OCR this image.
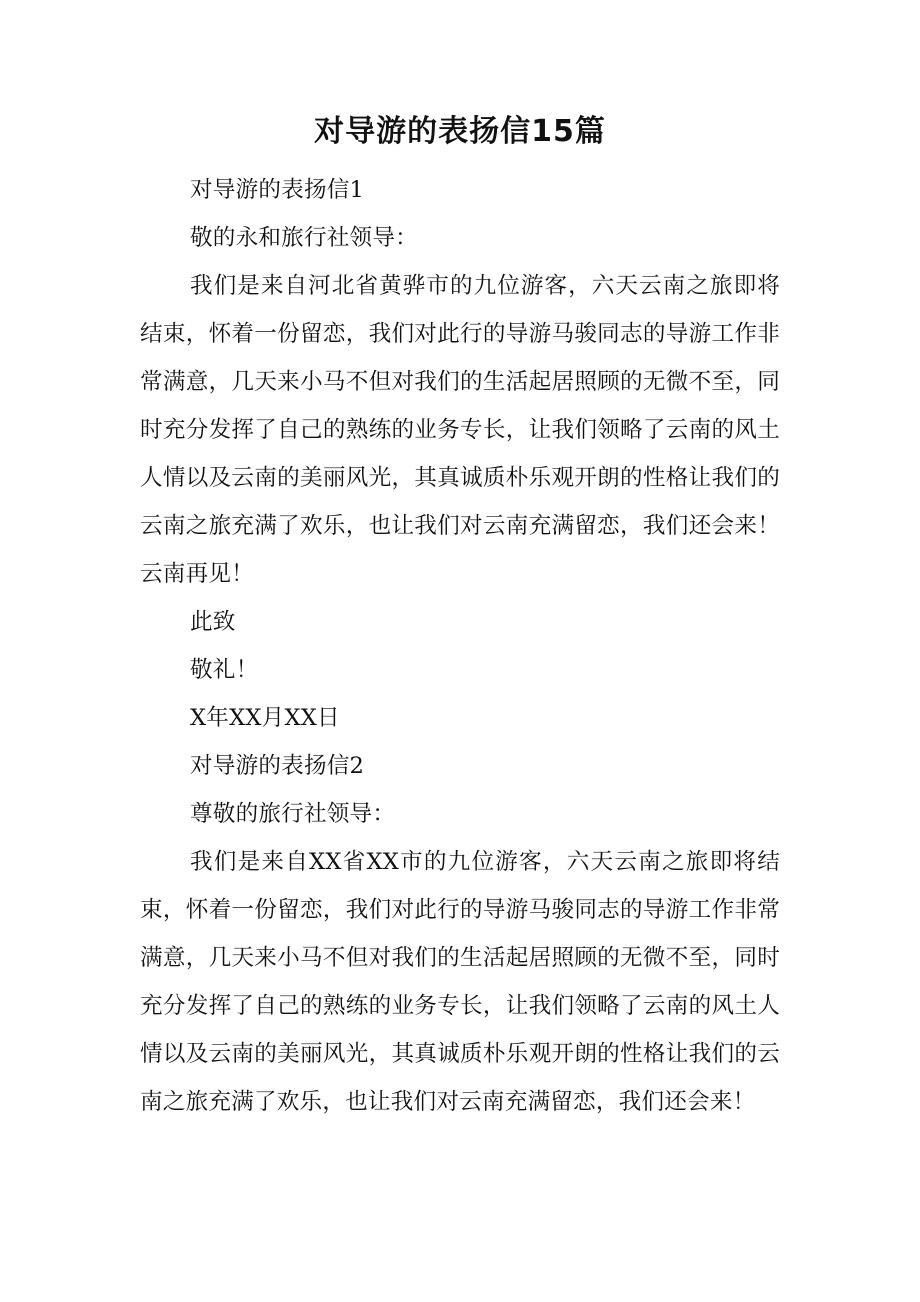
对导游的表扬信15篇

对导游的表扬信1

敬的永和旅行社领导：

我们是来自河北省黄骅市的九位游客，六天云南之旅即将结束，怀着一份留恋，我们对此行的导游马骏同志的导游工作非常满意，几天来小马不但对我们的生活起居照顾的无微不至，同时充分发挥了自己的熟练的业务专长，让我们领略了云南的风土人情以及云南的美丽风光，其真诚质朴乐观开朗的性格让我们的云南之旅充满了欢乐，也让我们对云南充满留恋，我们还会来！云南再见！

此致

敬礼！

X年XX月XX日

对导游的表扬信2

尊敬的旅行社领导：

我们是来自XX省XX市的九位游客，六天云南之旅即将结束，怀着一份留恋，我们对此行的导游马骏同志的导游工作非常满意，几天来小马不但对我们的生活起居照顾的无微不至，同时充分发挥了自己的熟练的业务专长，让我们领略了云南的风土人情以及云南的美丽风光，其真诚质朴乐观开朗的性格让我们的云南之旅充满了欢乐，也让我们对云南充满留恋，我们还会来！
